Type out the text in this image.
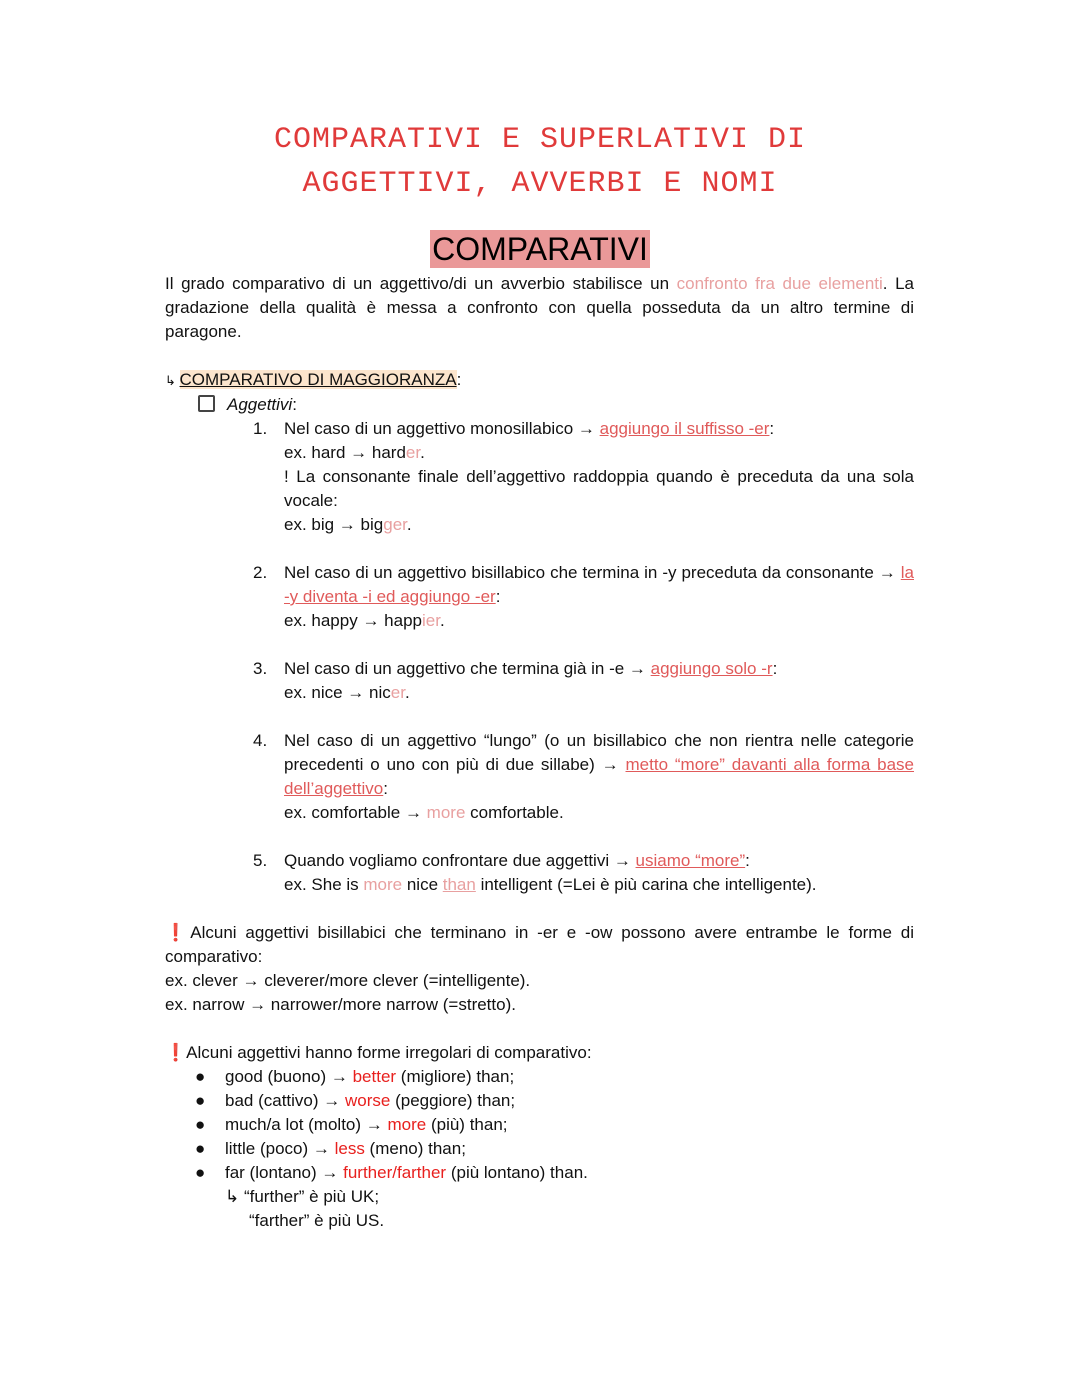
COMPARATIVI E SUPERLATIVI DI
AGGETTIVI, AVVERBI E NOMI
COMPARATIVI

Il grado comparativo di un aggettivo/di un avverbio stabilisce un confronto fra due elementi. La gradazione della qualità è messa a confronto con quella posseduta da un altro termine di paragone.

↳ COMPARATIVO DI MAGGIORANZA:

Aggettivi:

1. Nel caso di un aggettivo monosillabico → aggiungo il suffisso -er:

ex. hard → harder.

! La consonante finale dell’aggettivo raddoppia quando è preceduta da una sola vocale:

ex. big → bigger.

2. Nel caso di un aggettivo bisillabico che termina in -y preceduta da consonante → la -y diventa -i ed aggiungo -er:

ex. happy → happier.

3. Nel caso di un aggettivo che termina già in -e → aggiungo solo -r:

ex. nice → nicer.

4. Nel caso di un aggettivo “lungo” (o un bisillabico che non rientra nelle categorie precedenti o uno con più di due sillabe) → metto “more” davanti alla forma base dell’aggettivo:

ex. comfortable → more comfortable.

5. Quando vogliamo confrontare due aggettivi → usiamo “more”:

ex. She is more nice than intelligent (=Lei è più carina che intelligente).

❗Alcuni aggettivi bisillabici che terminano in -er e -ow possono avere entrambe le forme di comparativo:

ex. clever → cleverer/more clever (=intelligente).

ex. narrow → narrower/more narrow (=stretto).

❗Alcuni aggettivi hanno forme irregolari di comparativo:

● good (buono) → better (migliore) than;
● bad (cattivo) → worse (peggiore) than;
● much/a lot (molto) → more (più) than;
● little (poco) → less (meno) than;
● far (lontano) → further/farther (più lontano) than.

↳ “further” è più UK;

“farther” è più US.
